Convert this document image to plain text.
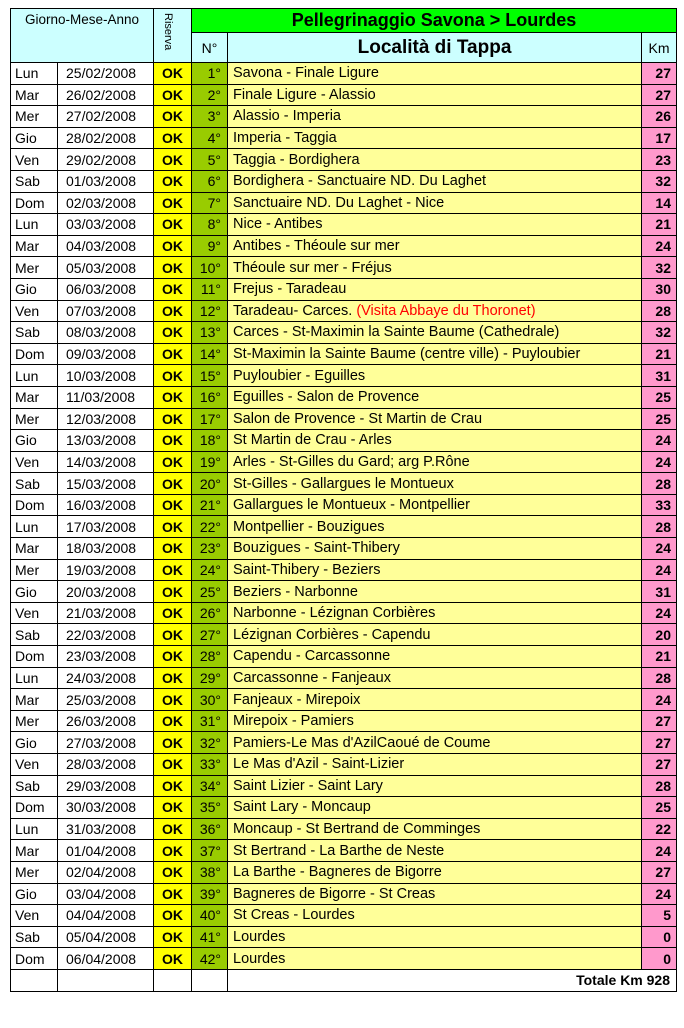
Giorno-Mese-Anno		Riserva	Pellegrinaggio Savona > Lourdes		
			N°	Località di Tappa	Km
Lun	25/02/2008	OK	1°	Savona - Finale Ligure	27
Mar	26/02/2008	OK	2°	Finale Ligure - Alassio	27
Mer	27/02/2008	OK	3°	Alassio - Imperia	26
Gio	28/02/2008	OK	4°	Imperia - Taggia	17
Ven	29/02/2008	OK	5°	Taggia - Bordighera	23
Sab	01/03/2008	OK	6°	Bordighera - Sanctuaire ND. Du Laghet	32
Dom	02/03/2008	OK	7°	Sanctuaire ND. Du Laghet - Nice	14
Lun	03/03/2008	OK	8°	Nice - Antibes	21
Mar	04/03/2008	OK	9°	Antibes - Théoule sur mer	24
Mer	05/03/2008	OK	10°	Théoule sur mer - Fréjus	32
Gio	06/03/2008	OK	11°	Frejus - Taradeau	30
Ven	07/03/2008	OK	12°	Taradeau- Carces. (Visita Abbaye du Thoronet)	28
Sab	08/03/2008	OK	13°	Carces - St-Maximin la Sainte Baume (Cathedrale)	32
Dom	09/03/2008	OK	14°	St-Maximin la Sainte Baume (centre ville) - Puyloubier	21
Lun	10/03/2008	OK	15°	Puyloubier - Eguilles	31
Mar	11/03/2008	OK	16°	Eguilles - Salon de Provence	25
Mer	12/03/2008	OK	17°	Salon de Provence - St Martin de Crau	25
Gio	13/03/2008	OK	18°	St Martin de Crau - Arles	24
Ven	14/03/2008	OK	19°	Arles - St-Gilles du Gard; arg P.Rône	24
Sab	15/03/2008	OK	20°	St-Gilles - Gallargues le Montueux	28
Dom	16/03/2008	OK	21°	Gallargues le Montueux - Montpellier	33
Lun	17/03/2008	OK	22°	Montpellier - Bouzigues	28
Mar	18/03/2008	OK	23°	Bouzigues - Saint-Thibery	24
Mer	19/03/2008	OK	24°	Saint-Thibery - Beziers	24
Gio	20/03/2008	OK	25°	Beziers - Narbonne	31
Ven	21/03/2008	OK	26°	Narbonne - Lézignan Corbières	24
Sab	22/03/2008	OK	27°	Lézignan Corbières - Capendu	20
Dom	23/03/2008	OK	28°	Capendu - Carcassonne	21
Lun	24/03/2008	OK	29°	Carcassonne - Fanjeaux	28
Mar	25/03/2008	OK	30°	Fanjeaux - Mirepoix	24
Mer	26/03/2008	OK	31°	Mirepoix - Pamiers	27
Gio	27/03/2008	OK	32°	Pamiers-Le Mas d'AzilCaoué de Coume	27
Ven	28/03/2008	OK	33°	Le Mas d'Azil - Saint-Lizier	27
Sab	29/03/2008	OK	34°	Saint Lizier - Saint Lary	28
Dom	30/03/2008	OK	35°	Saint Lary - Moncaup	25
Lun	31/03/2008	OK	36°	Moncaup - St Bertrand de Comminges	22
Mar	01/04/2008	OK	37°	St Bertrand - La Barthe de Neste	24
Mer	02/04/2008	OK	38°	La Barthe - Bagneres de Bigorre	27
Gio	03/04/2008	OK	39°	Bagneres de Bigorre - St Creas	24
Ven	04/04/2008	OK	40°	St Creas - Lourdes	5
Sab	05/04/2008	OK	41°	Lourdes	0
Dom	06/04/2008	OK	42°	Lourdes	0
				Totale Km 928	
